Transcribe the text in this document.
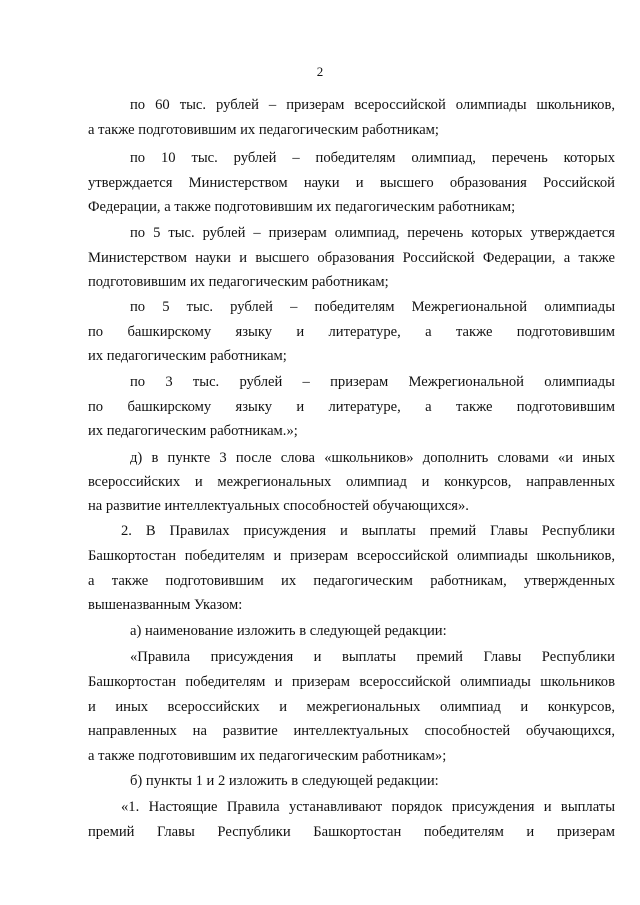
2
по 60 тыс. рублей – призерам всероссийской олимпиады школьников,
а также подготовившим их педагогическим работникам;
по 10 тыс. рублей – победителям олимпиад, перечень которых
утверждается Министерством науки и высшего образования Российской
Федерации, а также подготовившим их педагогическим работникам;
по 5 тыс. рублей – призерам олимпиад, перечень которых утверждается
Министерством науки и высшего образования Российской Федерации, а также
подготовившим их педагогическим работникам;
по 5 тыс. рублей – победителям Межрегиональной олимпиады
по башкирскому языку и литературе, а также подготовившим
их педагогическим работникам;
по 3 тыс. рублей – призерам Межрегиональной олимпиады
по башкирскому языку и литературе, а также подготовившим
их педагогическим работникам.»;
д) в пункте 3 после слова «школьников» дополнить словами «и иных
всероссийских и межрегиональных олимпиад и конкурсов, направленных
на развитие интеллектуальных способностей обучающихся».
2. В Правилах присуждения и выплаты премий Главы Республики
Башкортостан победителям и призерам всероссийской олимпиады школьников,
а также подготовившим их педагогическим работникам, утвержденных
вышеназванным Указом:
а) наименование изложить в следующей редакции:
«Правила присуждения и выплаты премий Главы Республики
Башкортостан победителям и призерам всероссийской олимпиады школьников
и иных всероссийских и межрегиональных олимпиад и конкурсов,
направленных на развитие интеллектуальных способностей обучающихся,
а также подготовившим их педагогическим работникам»;
б) пункты 1 и 2 изложить в следующей редакции:
«1. Настоящие Правила устанавливают порядок присуждения и выплаты
премий Главы Республики Башкортостан победителям и призерам
